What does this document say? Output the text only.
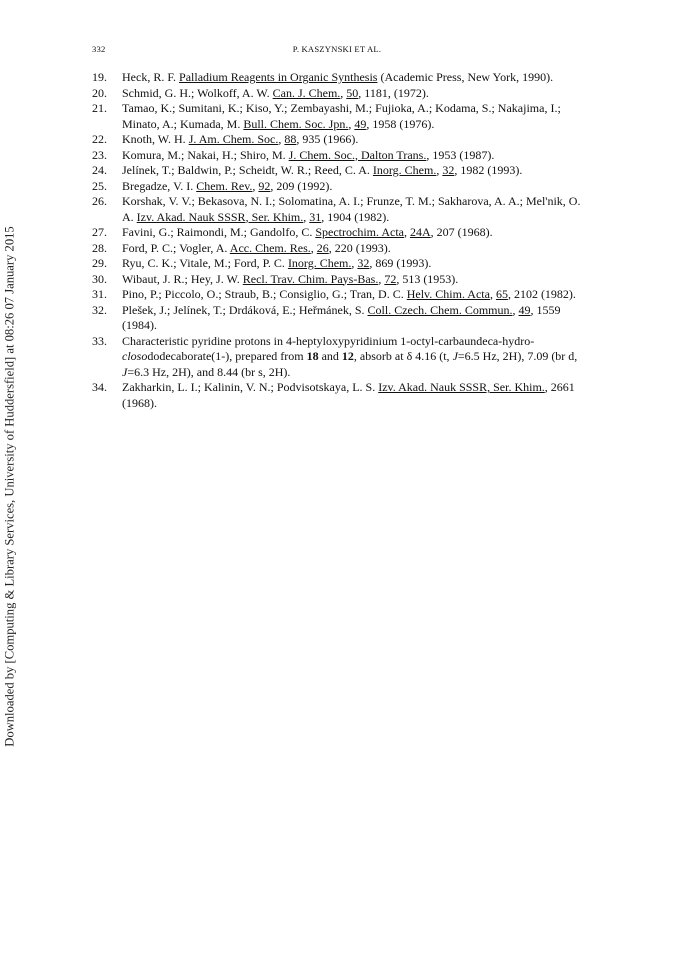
Downloaded by [Computing & Library Services, University of Huddersfield] at 08:26 07 January 2015
332	P. KASZYNSKI ET AL.
19.	Heck, R. F. Palladium Reagents in Organic Synthesis (Academic Press, New York, 1990).
20.	Schmid, G. H.; Wolkoff, A. W. Can. J. Chem., 50, 1181, (1972).
21.	Tamao, K.; Sumitani, K.; Kiso, Y.; Zembayashi, M.; Fujioka, A.; Kodama, S.; Nakajima, I.; Minato, A.; Kumada, M. Bull. Chem. Soc. Jpn., 49, 1958 (1976).
22.	Knoth, W. H. J. Am. Chem. Soc., 88, 935 (1966).
23.	Komura, M.; Nakai, H.; Shiro, M. J. Chem. Soc., Dalton Trans., 1953 (1987).
24.	Jelínek, T.; Baldwin, P.; Scheidt, W. R.; Reed, C. A. Inorg. Chem., 32, 1982 (1993).
25.	Bregadze, V. I. Chem. Rev., 92, 209 (1992).
26.	Korshak, V. V.; Bekasova, N. I.; Solomatina, A. I.; Frunze, T. M.; Sakharova, A. A.; Mel'nik, O. A. Izv. Akad. Nauk SSSR, Ser. Khim., 31, 1904 (1982).
27.	Favini, G.; Raimondi, M.; Gandolfo, C. Spectrochim. Acta, 24A, 207 (1968).
28.	Ford, P. C.; Vogler, A. Acc. Chem. Res., 26, 220 (1993).
29.	Ryu, C. K.; Vitale, M.; Ford, P. C. Inorg. Chem., 32, 869 (1993).
30.	Wibaut, J. R.; Hey, J. W. Recl. Trav. Chim. Pays-Bas., 72, 513 (1953).
31.	Pino, P.; Piccolo, O.; Straub, B.; Consiglio, G.; Tran, D. C. Helv. Chim. Acta, 65, 2102 (1982).
32.	Plešek, J.; Jelínek, T.; Drdáková, E.; Heřmánek, S. Coll. Czech. Chem. Commun., 49, 1559 (1984).
33.	Characteristic pyridine protons in 4-heptyloxypyridinium 1-octyl-carbaundeca-hydro-closododecaborate(1-), prepared from 18 and 12, absorb at δ 4.16 (t, J=6.5 Hz, 2H), 7.09 (br d, J=6.3 Hz, 2H), and 8.44 (br s, 2H).
34.	Zakharkin, L. I.; Kalinin, V. N.; Podvisotskaya, L. S. Izv. Akad. Nauk SSSR, Ser. Khim., 2661 (1968).
